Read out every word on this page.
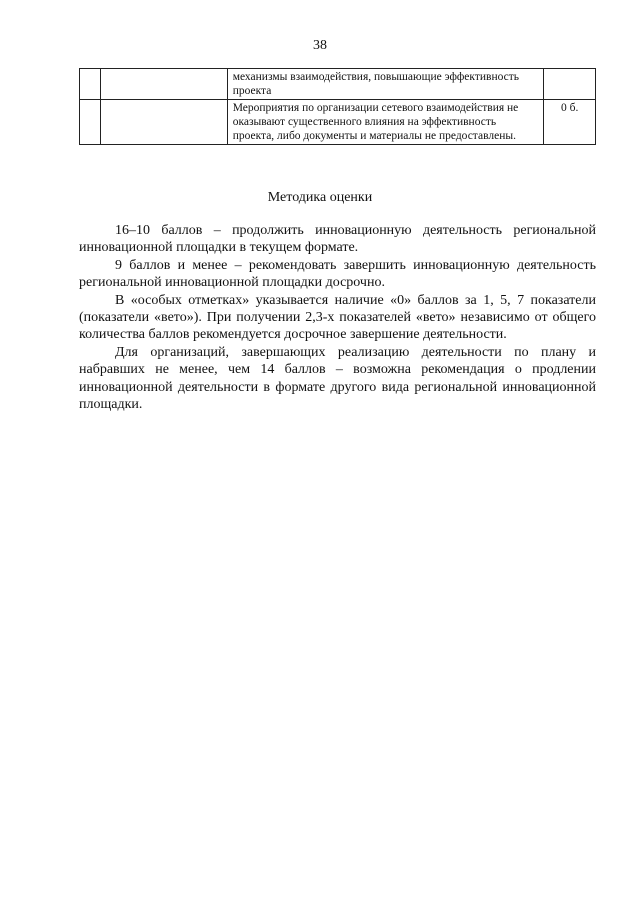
38
		механизмы взаимодействия, повышающие эффективность проекта	
		Мероприятия по организации сетевого взаимодействия не оказывают существенного влияния на эффективность проекта, либо документы и материалы не предоставлены.	0 б.
Методика оценки

16–10 баллов – продолжить инновационную деятельность региональной инновационной площадки в текущем формате.

9 баллов и менее – рекомендовать завершить инновационную деятельность региональной инновационной площадки досрочно.

В «особых отметках» указывается наличие «0» баллов за 1, 5, 7 показатели (показатели «вето»). При получении 2,3-х показателей «вето» независимо от общего количества баллов рекомендуется досрочное завершение деятельности.

Для организаций, завершающих реализацию деятельности по плану и набравших не менее, чем 14 баллов – возможна рекомендация о продлении инновационной деятельности в формате другого вида региональной инновационной площадки.
